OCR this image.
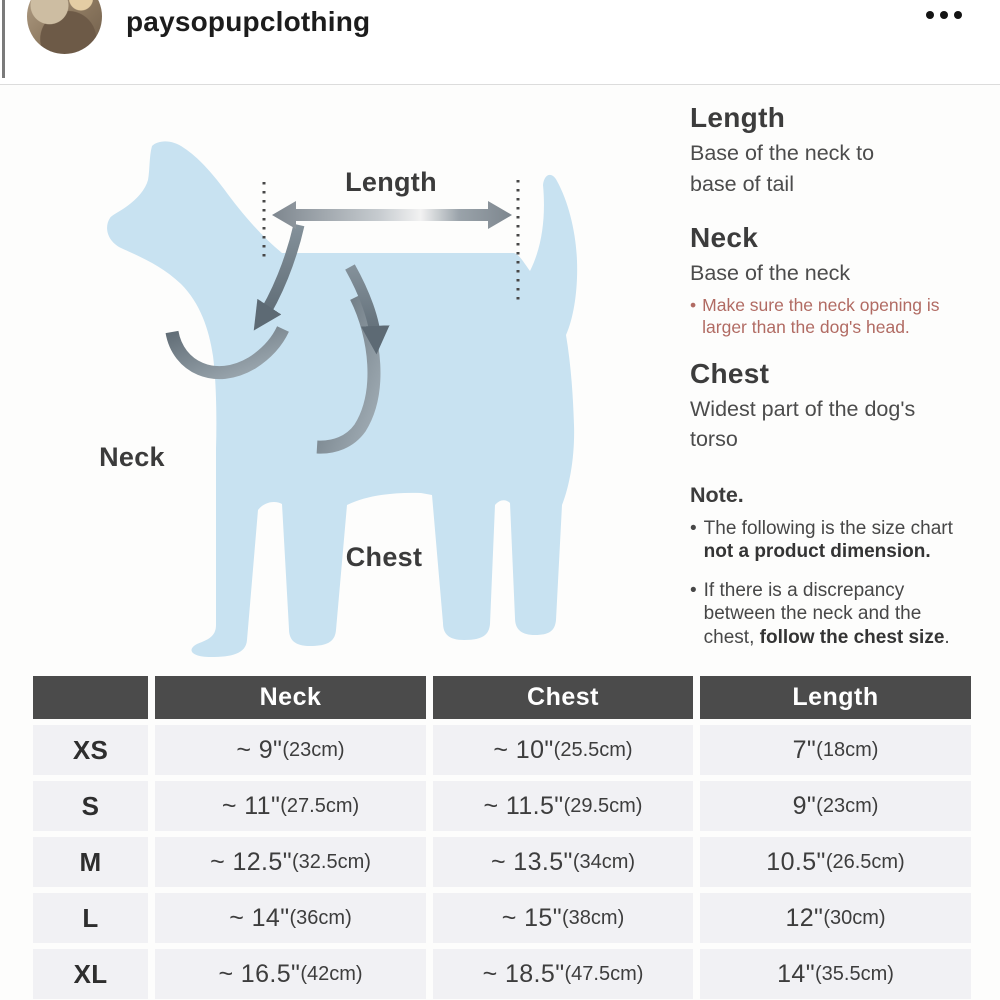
paysopupclothing
Length
Neck
Chest
Length

Base of the neck to base of tail

Neck

Base of the neck

• Make sure the neck opening is larger than the dog's head.
Chest

Widest part of the dog's torso

Note.
• The following is the size chart
not a product dimension.
• If there is a discrepancy between the neck and the chest, follow the chest size.
Neck	Chest	Length
XS	~ 9" (23cm)	~ 10" (25.5cm)	7" (18cm)
S	~ 11" (27.5cm)	~ 11.5" (29.5cm)	9" (23cm)
M	~ 12.5" (32.5cm)	~ 13.5" (34cm)	10.5" (26.5cm)
L	~ 14" (36cm)	~ 15" (38cm)	12" (30cm)
XL	~ 16.5" (42cm)	~ 18.5" (47.5cm)	14" (35.5cm)
